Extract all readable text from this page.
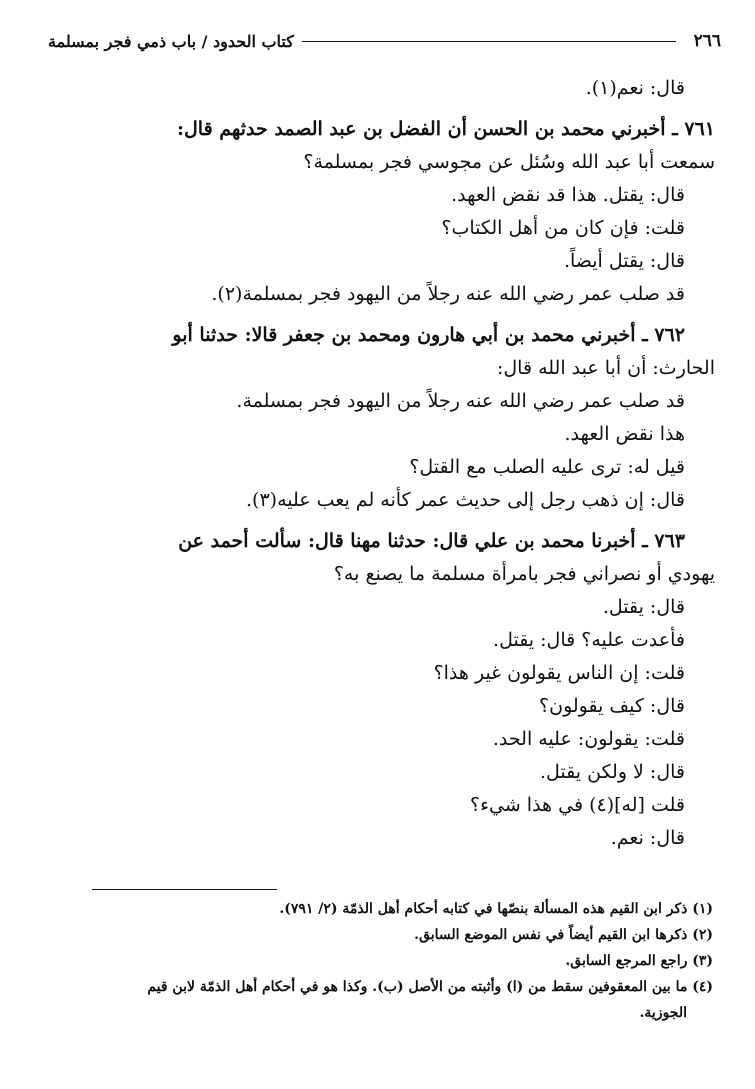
٢٦٦
كتاب الحدود / باب ذمي فجر بمسلمة
قال: نعم(١).
٧٦١ ـ أخبرني محمد بن الحسن أن الفضل بن عبد الصمد حدثهم قال:
سمعت أبا عبد الله وسُئل عن مجوسي فجر بمسلمة؟
قال: يقتل. هذا قد نقض العهد.
قلت: فإن كان من أهل الكتاب؟
قال: يقتل أيضاً.
قد صلب عمر رضي الله عنه رجلاً من اليهود فجر بمسلمة(٢).
٧٦٢ ـ أخبرني محمد بن أبي هارون ومحمد بن جعفر قالا: حدثنا أبو
الحارث: أن أبا عبد الله قال:
قد صلب عمر رضي الله عنه رجلاً من اليهود فجر بمسلمة.
هذا نقض العهد.
قيل له: ترى عليه الصلب مع القتل؟
قال: إن ذهب رجل إلى حديث عمر كأنه لم يعب عليه(٣).
٧٦٣ ـ أخبرنا محمد بن علي قال: حدثنا مهنا قال: سألت أحمد عن
يهودي أو نصراني فجر بامرأة مسلمة ما يصنع به؟
قال: يقتل.
فأعدت عليه؟ قال: يقتل.
قلت: إن الناس يقولون غير هذا؟
قال: كيف يقولون؟
قلت: يقولون: عليه الحد.
قال: لا ولكن يقتل.
قلت [له](٤) في هذا شيء؟
قال: نعم.
(١) ذكر ابن القيم هذه المسألة بنصّها في كتابه أحكام أهل الذمّة (٢/ ٧٩١).
(٢) ذكرها ابن القيم أيضاً في نفس الموضع السابق.
(٣) راجع المرجع السابق.
(٤) ما بين المعقوفين سقط من (ا) وأثبته من الأصل (ب). وكذا هو في أحكام أهل الذمّة لابن قيم
الجوزية.
